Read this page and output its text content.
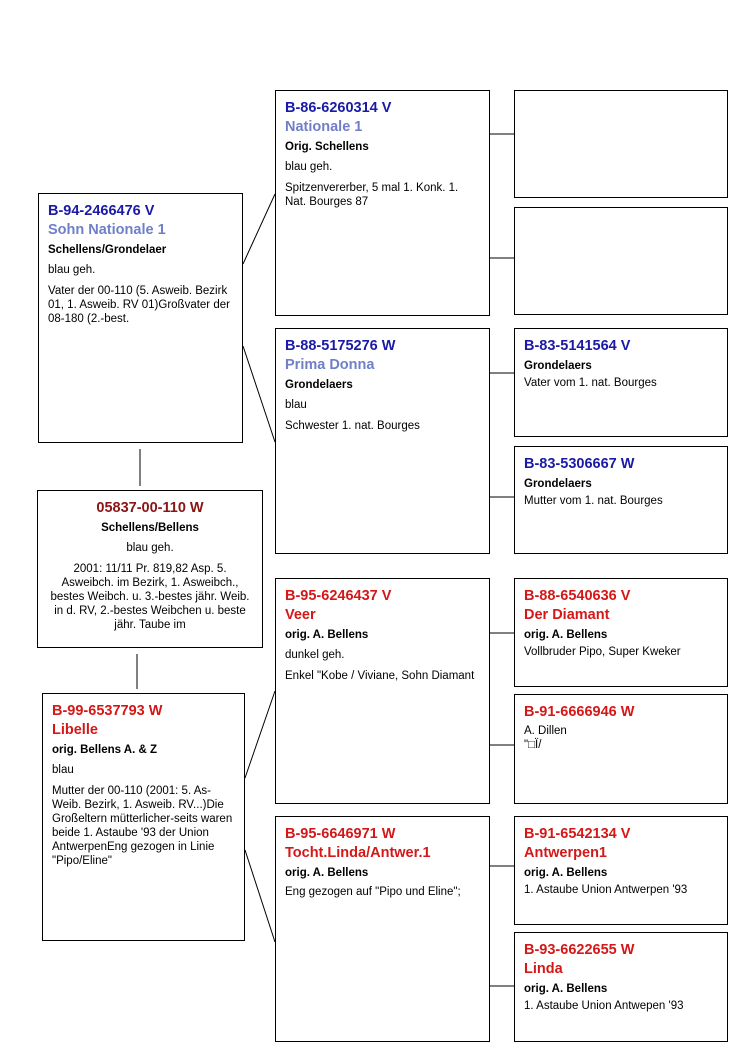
B-94-2466476 V
Sohn Nationale 1
Schellens/Grondelaer
blau geh.
Vater der 00-110 (5. Asweib. Bezirk 01, 1. Asweib. RV 01)Großvater der 08-180 (2.-best.
05837-00-110 W
Schellens/Bellens
blau geh.
2001: 11/11 Pr. 819,82 Asp. 5. Asweibch. im Bezirk, 1. Asweibch., bestes Weibch. u. 3.-bestes jähr. Weib. in d. RV, 2.-bestes Weibchen u. beste jähr. Taube im
B-99-6537793 W
Libelle
orig. Bellens A. & Z
blau
Mutter der 00-110 (2001: 5. As-Weib. Bezirk, 1. Asweib. RV...)Die Großeltern mütterlicher-seits waren beide 1. Astaube '93 der Union AntwerpenEng gezogen in Linie "Pipo/Eline"
B-86-6260314 V
Nationale 1
Orig. Schellens
blau geh.
Spitzenvererber, 5 mal 1. Konk. 1. Nat. Bourges 87
B-88-5175276 W
Prima Donna
Grondelaers
blau
Schwester 1. nat. Bourges
B-95-6246437 V
Veer
orig. A. Bellens
dunkel geh.
Enkel "Kobe / Viviane, Sohn Diamant
B-95-6646971 W
Tocht.Linda/Antwer.1
orig. A. Bellens
Eng gezogen auf "Pipo und Eline";
B-83-5141564 V
Grondelaers
Vater vom 1. nat. Bourges
B-83-5306667 W
Grondelaers
Mutter vom 1. nat. Bourges
B-88-6540636 V
Der Diamant
orig. A. Bellens
Vollbruder Pipo, Super Kweker
B-91-6666946 W
A. Dillen
"□Ï/
B-91-6542134 V
Antwerpen1
orig. A. Bellens
1. Astaube Union Antwerpen '93
B-93-6622655 W
Linda
orig. A. Bellens
1. Astaube Union Antwepen '93
